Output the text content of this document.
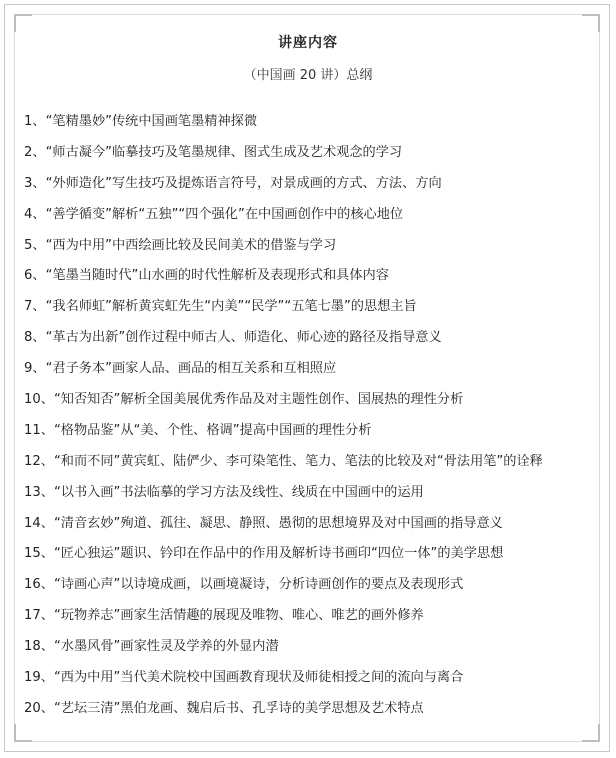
讲座内容
（中国画 20 讲）总纲
1、“笔精墨妙”传统中国画笔墨精神探微
2、“师古凝今”临摹技巧及笔墨规律、图式生成及艺术观念的学习
3、“外师造化”写生技巧及提炼语言符号，对景成画的方式、方法、方向
4、“善学循变”解析“五独”“四个强化”在中国画创作中的核心地位
5、“西为中用”中西绘画比较及民间美术的借鉴与学习
6、“笔墨当随时代”山水画的时代性解析及表现形式和具体内容
7、“我名师虹”解析黄宾虹先生“内美”“民学”“五笔七墨”的思想主旨
8、“革古为出新”创作过程中师古人、师造化、师心迹的路径及指导意义
9、“君子务本”画家人品、画品的相互关系和互相照应
10、“知否知否”解析全国美展优秀作品及对主题性创作、国展热的理性分析
11、“格物品鉴”从“美、个性、格调”提高中国画的理性分析
12、“和而不同”黄宾虹、陆俨少、李可染笔性、笔力、笔法的比较及对“骨法用笔”的诠释
13、“以书入画”书法临摹的学习方法及线性、线质在中国画中的运用
14、“清音玄妙”殉道、孤往、凝思、静照、愚彻的思想境界及对中国画的指导意义
15、“匠心独运”题识、钤印在作品中的作用及解析诗书画印“四位一体”的美学思想
16、“诗画心声”以诗境成画，以画境凝诗，分析诗画创作的要点及表现形式
17、“玩物养志”画家生活情趣的展现及唯物、唯心、唯艺的画外修养
18、“水墨风骨”画家性灵及学养的外显内潜
19、“西为中用”当代美术院校中国画教育现状及师徒相授之间的流向与离合
20、“艺坛三清”黑伯龙画、魏启后书、孔孚诗的美学思想及艺术特点
